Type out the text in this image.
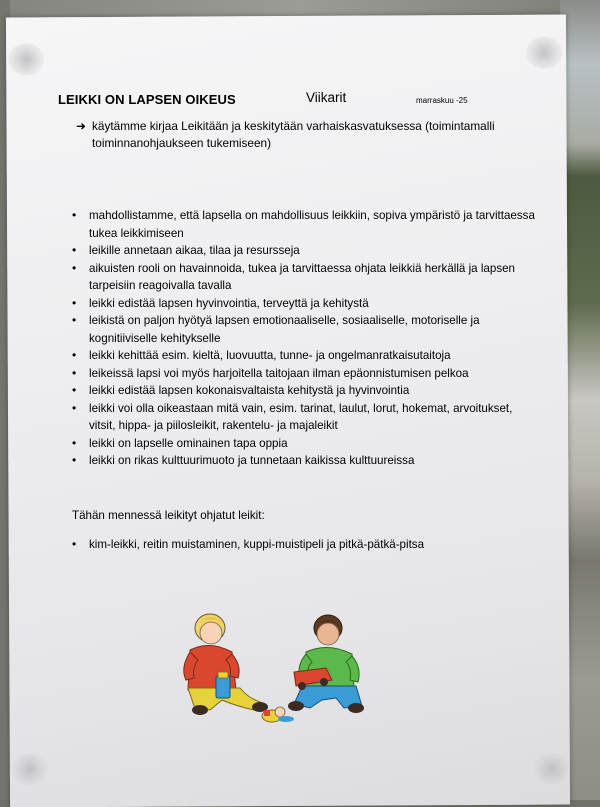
LEIKKI ON LAPSEN OIKEUS	Viikarit	marraskuu -25
➜ käytämme kirjaa Leikitään ja keskitytään varhaiskasvatuksessa (toimintamalli toiminnanohjaukseen tukemiseen)
• mahdollistamme, että lapsella on mahdollisuus leikkiin, sopiva ympäristö ja tarvittaessa tukea leikkimiseen
• leikille annetaan aikaa, tilaa ja resursseja
• aikuisten rooli on havainnoida, tukea ja tarvittaessa ohjata leikkiä herkällä ja lapsen tarpeisiin reagoivalla tavalla
• leikki edistää lapsen hyvinvointia, terveyttä ja kehitystä
• leikistä on paljon hyötyä lapsen emotionaaliselle, sosiaaliselle, motoriselle ja kognitiiviselle kehitykselle
• leikki kehittää esim. kieltä, luovuutta, tunne- ja ongelmanratkaisutaitoja
• leikeissä lapsi voi myös harjoitella taitojaan ilman epäonnistumisen pelkoa
• leikki edistää lapsen kokonaisvaltaista kehitystä ja hyvinvointia
• leikki voi olla oikeastaan mitä vain, esim. tarinat, laulut, lorut, hokemat, arvoitukset, vitsit, hippa- ja piilosleikit, rakentelu- ja majaleikit
• leikki on lapselle ominainen tapa oppia
• leikki on rikas kulttuurimuoto ja tunnetaan kaikissa kulttuureissa
Tähän mennessä leikityt ohjatut leikit:
• kim-leikki, reitin muistaminen, kuppi-muistipeli ja pitkä-pätkä-pitsa
